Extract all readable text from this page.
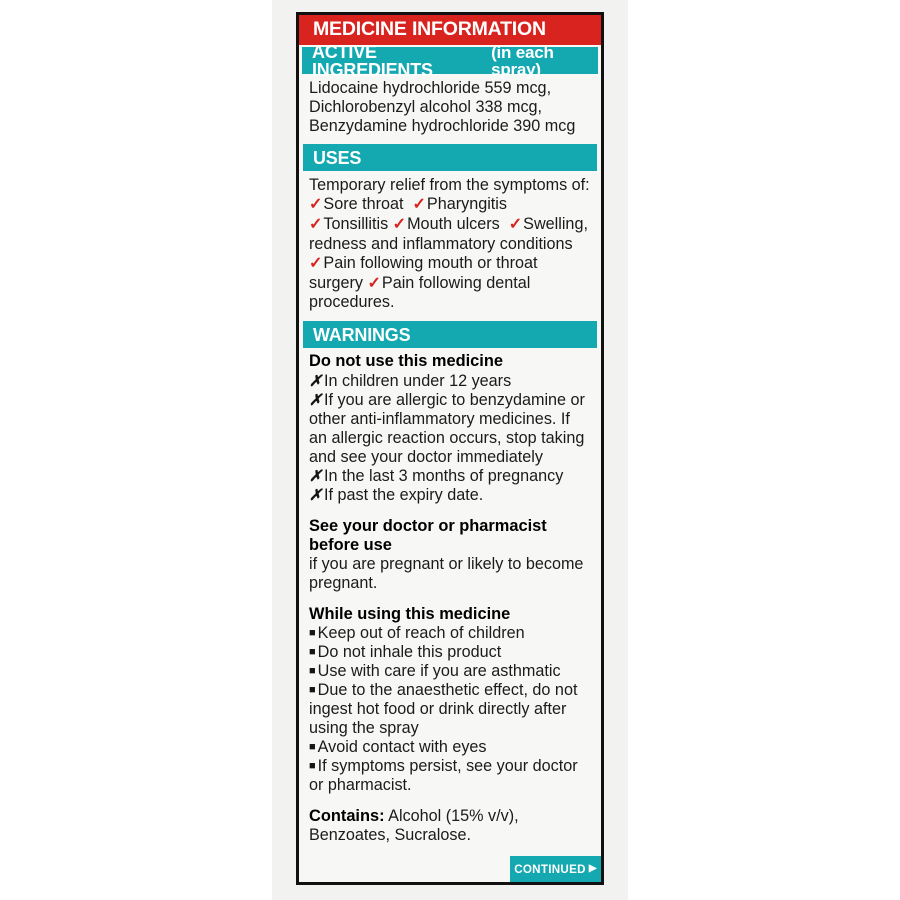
MEDICINE INFORMATION
ACTIVE INGREDIENTS
(in each spray)

Lidocaine hydrochloride 559 mcg,

Dichlorobenzyl alcohol 338 mcg,

Benzydamine hydrochloride 390 mcg

USES

Temporary relief from the symptoms of:

✓Sore throat ✓Pharyngitis  ✓Tonsillitis ✓Mouth ulcers ✓Swelling, redness and inflammatory conditions ✓Pain following mouth or throat surgery ✓Pain following dental procedures.

WARNINGS

Do not use this medicine

✗ In children under 12 years

✗ If you are allergic to benzydamine or other anti-inflammatory medicines. If an allergic reaction occurs, stop taking and see your doctor immediately

✗ In the last 3 months of pregnancy

✗ If past the expiry date.

See your doctor or pharmacist before use

if you are pregnant or likely to become pregnant.

While using this medicine

■ Keep out of reach of children

■ Do not inhale this product

■ Use with care if you are asthmatic

■ Due to the anaesthetic effect, do not ingest hot food or drink directly after using the spray

■ Avoid contact with eyes

■ If symptoms persist, see your doctor or pharmacist.

Contains: Alcohol (15% v/v), Benzoates, Sucralose.

CONTINUED ▶
